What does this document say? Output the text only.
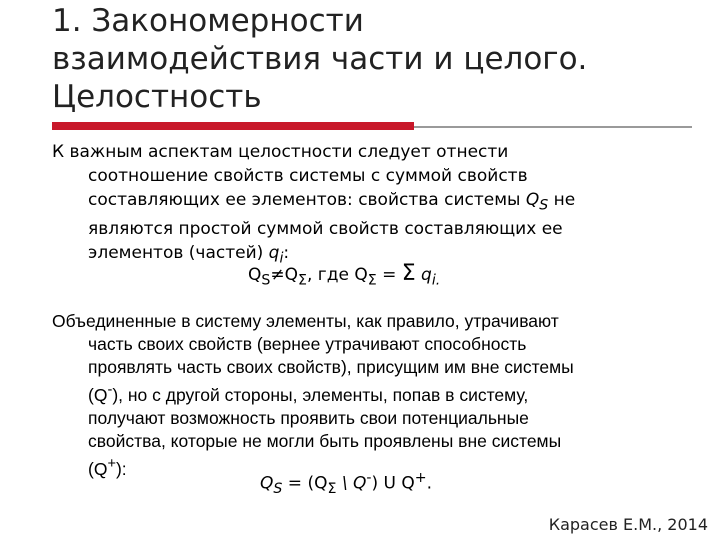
1. Закономерности
взаимодействия части и целого.
Целостность
К важным аспектам целостности следует отнести
соотношение свойств системы с суммой свойств
составляющих ее элементов: свойства системы $Q_S$ не
являются простой суммой свойств составляющих ее
элементов (частей) $q_i$:
$Q_S\ne Q_\Sigma$, где $Q_\Sigma = \Sigma$ $q_{i.}$
Объединенные в систему элементы, как правило, утрачивают
часть своих свойств (вернее утрачивают способность
проявлять часть своих свойств), присущим им вне системы
(Q-), но с другой стороны, элементы, попав в систему,
получают возможность проявить свои потенциальные
свойства, которые не могли быть проявлены вне системы
(Q+):
$Q_S = (Q_\Sigma$ \ Q-) U Q+.
Карасев Е.М., 2014
